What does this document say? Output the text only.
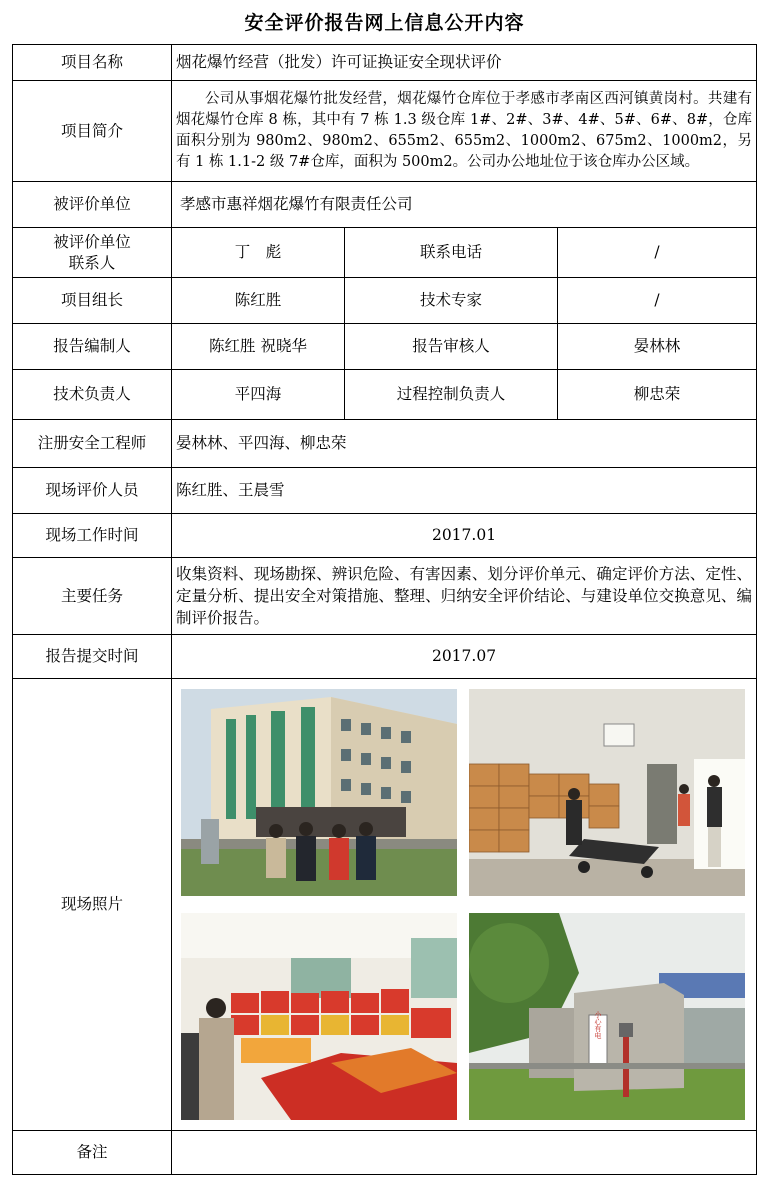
安全评价报告网上信息公开内容
项目名称	烟花爆竹经营（批发）许可证换证安全现状评价		
项目简介	公司从事烟花爆竹批发经营，烟花爆竹仓库位于孝感市孝南区西河镇黄岗村。共建有烟花爆竹仓库 8 栋，其中有 7 栋 1.3 级仓库 1#、2#、3#、4#、5#、6#、8#，仓库面积分别为 980m2、980m2、655m2、655m2、1000m2、675m2、1000m2，另有 1 栋 1.1-2 级 7#仓库，面积为 500m2。公司办公地址位于该仓库办公区域。		

被评价单位	孝感市惠祥烟花爆竹有限责任公司		

被评价单位
联系人	丁　彪	联系电话	/
项目组长	陈红胜	技术专家	/
报告编制人	陈红胜 祝晓华	报告审核人	晏林林
技术负责人	平四海	过程控制负责人	柳忠荣
注册安全工程师	晏林林、平四海、柳忠荣		
现场评价人员	陈红胜、王晨雪		
现场工作时间	2017.01		
主要任务	收集资料、现场勘探、辨识危险、有害因素、划分评价单元、确定评价方法、定性、定量分析、提出安全对策措施、整理、归纳安全评价结论、与建设单位交换意见、编制评价报告。		

报告提交时间	2017.07		
现场照片	小心有电		

备注			
